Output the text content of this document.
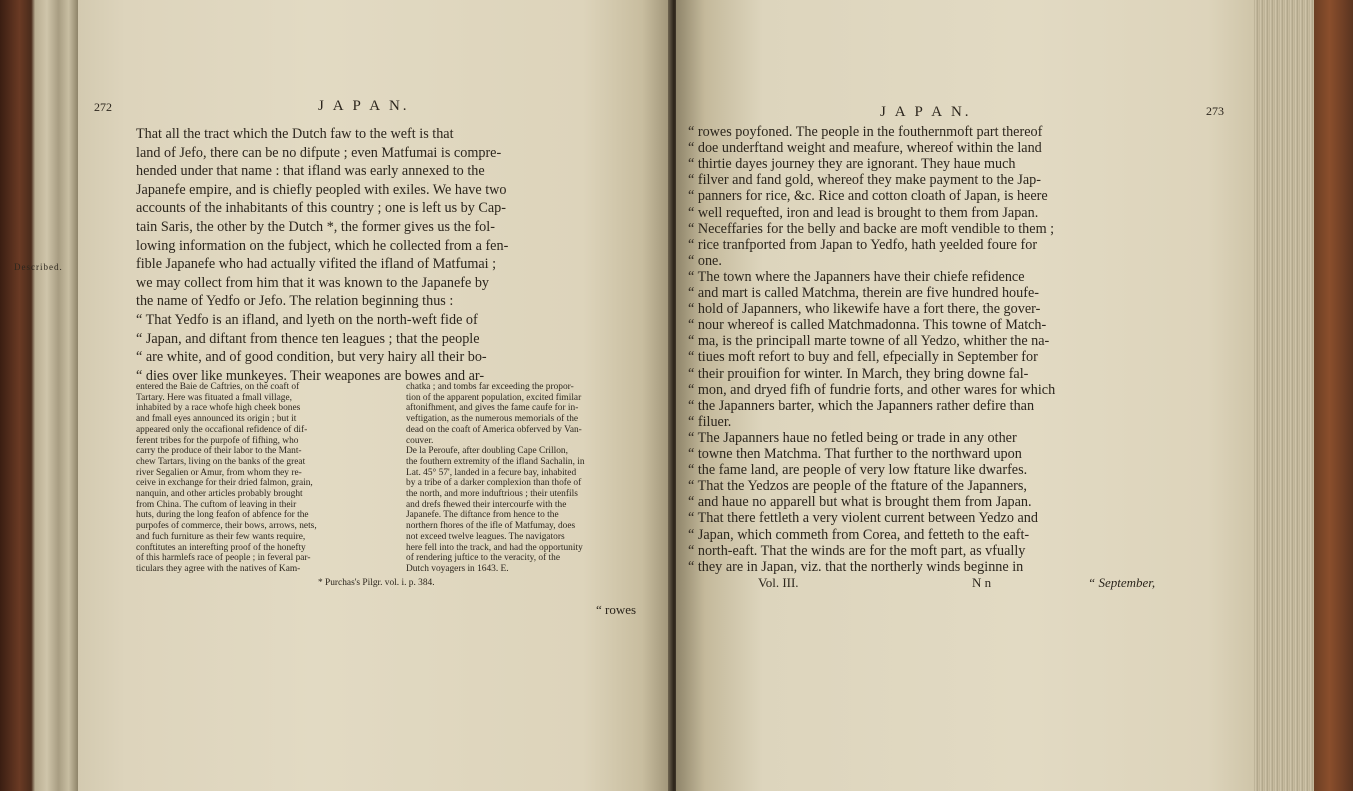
272	J A P A N.
That all the tract which the Dutch faw to the weft is that
land of Jefo, there can be no difpute ; even Matfumai is compre-
hended under that name : that ifland was early annexed to the
Japanefe empire, and is chiefly peopled with exiles. We have two
accounts of the inhabitants of this country ; one is left us by Cap-
tain Saris, the other by the Dutch *, the former gives us the fol-
lowing information on the fubject, which he collected from a fen-
fible Japanefe who had actually vifited the ifland of Matfumai ;
we may collect from him that it was known to the Japanefe by
the name of Yedfo or Jefo. The relation beginning thus :
“ That Yedfo is an ifland, and lyeth on the north-weft fide of
“ Japan, and diftant from thence ten leagues ; that the people
“ are white, and of good condition, but very hairy all their bo-
“ dies over like munkeyes. Their weapones are bowes and ar-
entered the Baie de Caftries, on the coaft of
Tartary. Here was fituated a fmall village,
inhabited by a race whofe high cheek bones
and fmall eyes announced its origin ; but it
appeared only the occafional refidence of dif-
ferent tribes for the purpofe of fifhing, who
carry the produce of their labor to the Mant-
chew Tartars, living on the banks of the great
river Segalien or Amur, from whom they re-
ceive in exchange for their dried falmon, grain,
nanquin, and other articles probably brought
from China. The cuftom of leaving in their
huts, during the long feafon of abfence for the
purpofes of commerce, their bows, arrows, nets,
and fuch furniture as their few wants require,
conftitutes an interefting proof of the honefty
of this harmlefs race of people ; in feveral par-
ticulars they agree with the natives of Kam-
chatka ; and tombs far exceeding the propor-
tion of the apparent population, excited fimilar
aftonifhment, and gives the fame caufe for in-
veftigation, as the numerous memorials of the
dead on the coaft of America obferved by Van-
couver.
De la Peroufe, after doubling Cape Crillon,
the fouthern extremity of the ifland Sachalin, in
Lat. 45° 57', landed in a fecure bay, inhabited
by a tribe of a darker complexion than thofe of
the north, and more induftrious ; their utenfils
and drefs fhewed their intercourfe with the
Japanefe. The diftance from hence to the
northern fhores of the ifle of Matfumay, does
not exceed twelve leagues. The navigators
here fell into the track, and had the opportunity
of rendering juftice to the veracity, of the
Dutch voyagers in 1643. E.
* Purchas's Pilgr. vol. i. p. 384.
“ rowes
Described.
J A P A N.	273
“ rowes poyfoned. The people in the fouthernmoft part thereof
“ doe underftand weight and meafure, whereof within the land
“ thirtie dayes journey they are ignorant. They haue much
“ filver and fand gold, whereof they make payment to the Jap-
“ panners for rice, &c. Rice and cotton cloath of Japan, is heere
“ well requefted, iron and lead is brought to them from Japan.
“ Neceffaries for the belly and backe are moft vendible to them ;
“ rice tranfported from Japan to Yedfo, hath yeelded foure for
“ one.
“ The town where the Japanners have their chiefe refidence
“ and mart is called Matchma, therein are five hundred houfe-
“ hold of Japanners, who likewife have a fort there, the gover-
“ nour whereof is called Matchmadonna. This towne of Match-
“ ma, is the principall marte towne of all Yedzo, whither the na-
“ tiues moft refort to buy and fell, efpecially in September for
“ their prouifion for winter. In March, they bring downe fal-
“ mon, and dryed fifh of fundrie forts, and other wares for which
“ the Japanners barter, which the Japanners rather defire than
“ filuer.
“ The Japanners haue no fetled being or trade in any other
“ towne then Matchma. That further to the northward upon
“ the fame land, are people of very low ftature like dwarfes.
“ That the Yedzos are people of the ftature of the Japanners,
“ and haue no apparell but what is brought them from Japan.
“ That there fettleth a very violent current between Yedzo and
“ Japan, which commeth from Corea, and fetteth to the eaft-
“ north-eaft. That the winds are for the moft part, as vfually
“ they are in Japan, viz. that the northerly winds beginne in
Vol. III.	N n	“ September,
